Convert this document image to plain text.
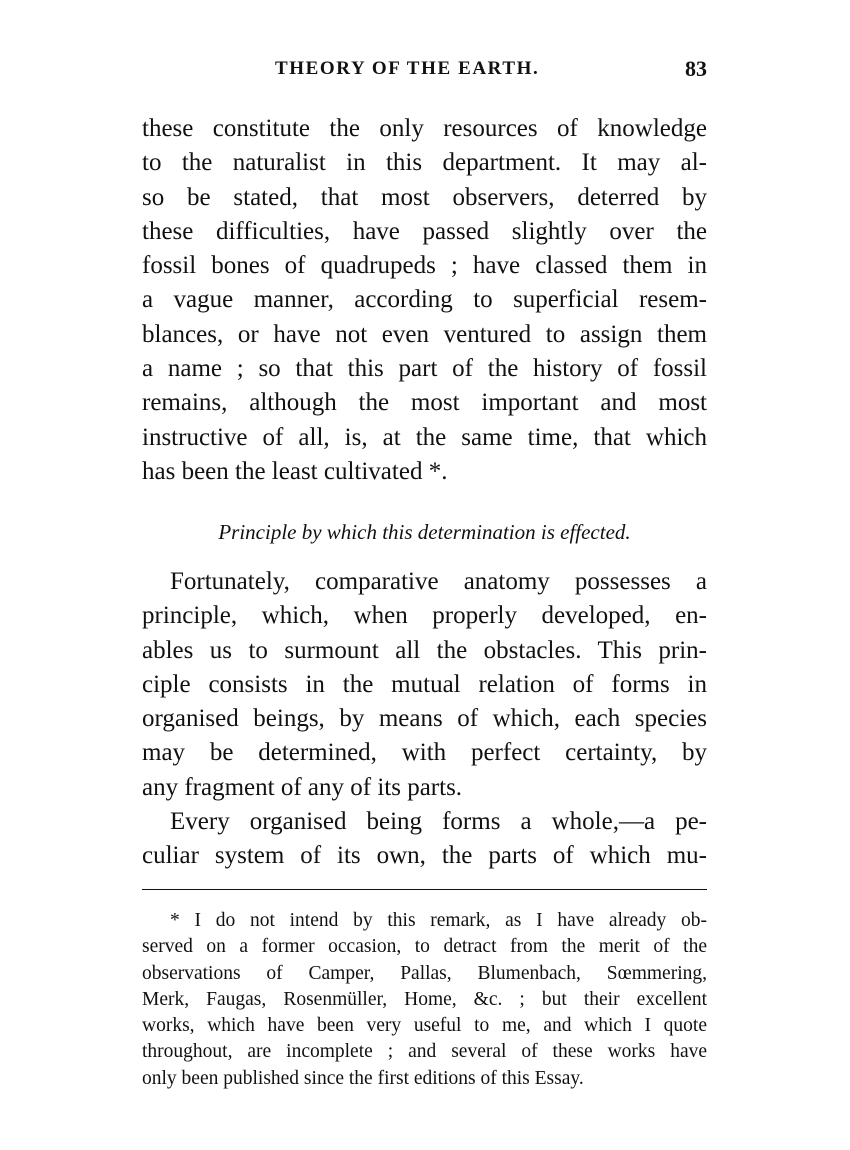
THEORY OF THE EARTH.	83
these constitute the only resources of knowledge
to the naturalist in this department. It may al-
so be stated, that most observers, deterred by
these difficulties, have passed slightly over the
fossil bones of quadrupeds ; have classed them in
a vague manner, according to superficial resem-
blances, or have not even ventured to assign them
a name ; so that this part of the history of fossil
remains, although the most important and most
instructive of all, is, at the same time, that which
has been the least cultivated *.
Principle by which this determination is effected.
Fortunately, comparative anatomy possesses a
principle, which, when properly developed, en-
ables us to surmount all the obstacles. This prin-
ciple consists in the mutual relation of forms in
organised beings, by means of which, each species
may be determined, with perfect certainty, by
any fragment of any of its parts.
Every organised being forms a whole,—a pe-
culiar system of its own, the parts of which mu-
* I do not intend by this remark, as I have already ob-
served on a former occasion, to detract from the merit of the
observations of Camper, Pallas, Blumenbach, Sœmmering,
Merk, Faugas, Rosenmüller, Home, &c. ; but their excellent
works, which have been very useful to me, and which I quote
throughout, are incomplete ; and several of these works have
only been published since the first editions of this Essay.
